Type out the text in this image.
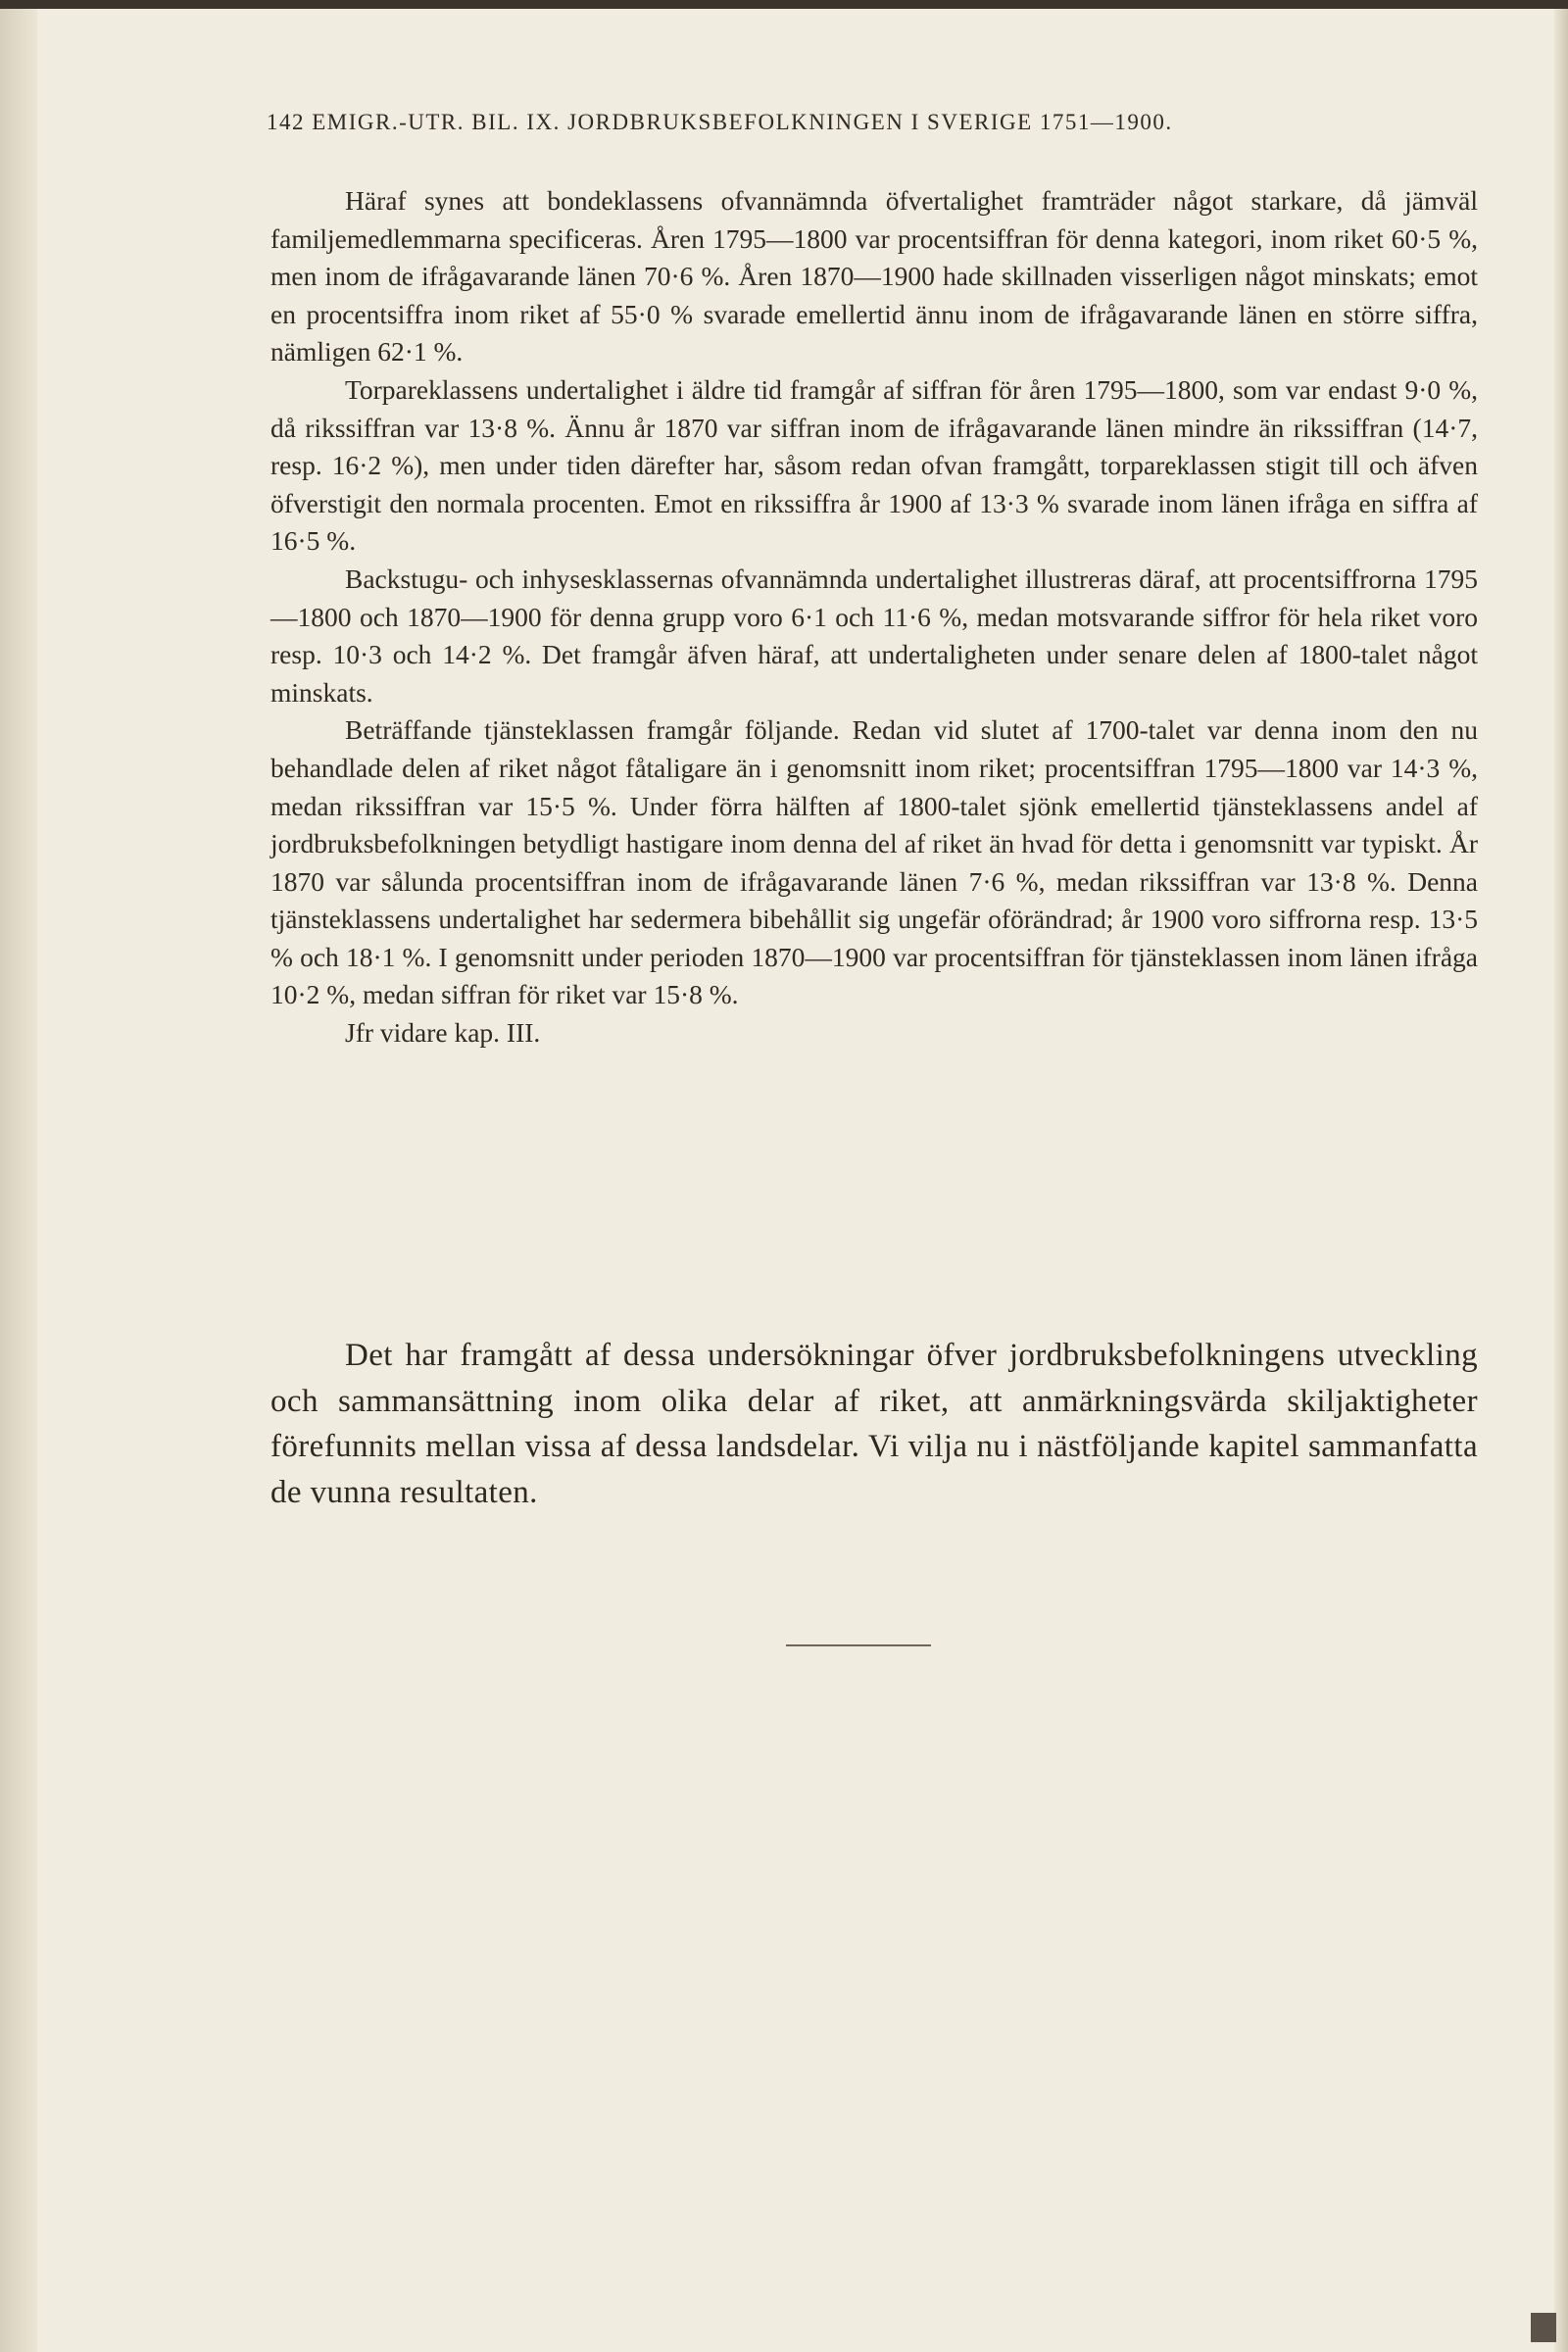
142 EMIGR.-UTR. BIL. IX. JORDBRUKSBEFOLKNINGEN I SVERIGE 1751—1900.

Häraf synes att bondeklassens ofvannämnda öfvertalighet framträder något starkare, då jämväl familjemedlemmarna specificeras. Åren 1795—1800 var procentsiffran för denna kategori, inom riket 60·5 %, men inom de ifrågavarande länen 70·6 %. Åren 1870—1900 hade skillnaden visserligen något minskats; emot en procentsiffra inom riket af 55·0 % svarade emellertid ännu inom de ifrågavarande länen en större siffra, nämligen 62·1 %.

Torpareklassens undertalighet i äldre tid framgår af siffran för åren 1795—1800, som var endast 9·0 %, då rikssiffran var 13·8 %. Ännu år 1870 var siffran inom de ifrågavarande länen mindre än rikssiffran (14·7, resp. 16·2 %), men under tiden därefter har, såsom redan ofvan framgått, torpareklassen stigit till och äfven öfverstigit den normala procenten. Emot en rikssiffra år 1900 af 13·3 % svarade inom länen ifråga en siffra af 16·5 %.

Backstugu- och inhysesklassernas ofvannämnda undertalighet illustreras däraf, att procentsiffrorna 1795—1800 och 1870—1900 för denna grupp voro 6·1 och 11·6 %, medan motsvarande siffror för hela riket voro resp. 10·3 och 14·2 %. Det framgår äfven häraf, att undertaligheten under senare delen af 1800-talet något minskats.

Beträffande tjänsteklassen framgår följande. Redan vid slutet af 1700-talet var denna inom den nu behandlade delen af riket något fåtaligare än i genomsnitt inom riket; procentsiffran 1795—1800 var 14·3 %, medan rikssiffran var 15·5 %. Under förra hälften af 1800-talet sjönk emellertid tjänsteklassens andel af jordbruksbefolkningen betydligt hastigare inom denna del af riket än hvad för detta i genomsnitt var typiskt. År 1870 var sålunda procentsiffran inom de ifrågavarande länen 7·6 %, medan rikssiffran var 13·8 %. Denna tjänsteklassens undertalighet har sedermera bibehållit sig ungefär oförändrad; år 1900 voro siffrorna resp. 13·5 % och 18·1 %. I genomsnitt under perioden 1870—1900 var procentsiffran för tjänsteklassen inom länen ifråga 10·2 %, medan siffran för riket var 15·8 %.

Jfr vidare kap. III.

Det har framgått af dessa undersökningar öfver jordbruksbefolkningens utveckling och sammansättning inom olika delar af riket, att anmärkningsvärda skiljaktigheter förefunnits mellan vissa af dessa landsdelar. Vi vilja nu i nästföljande kapitel sammanfatta de vunna resultaten.
